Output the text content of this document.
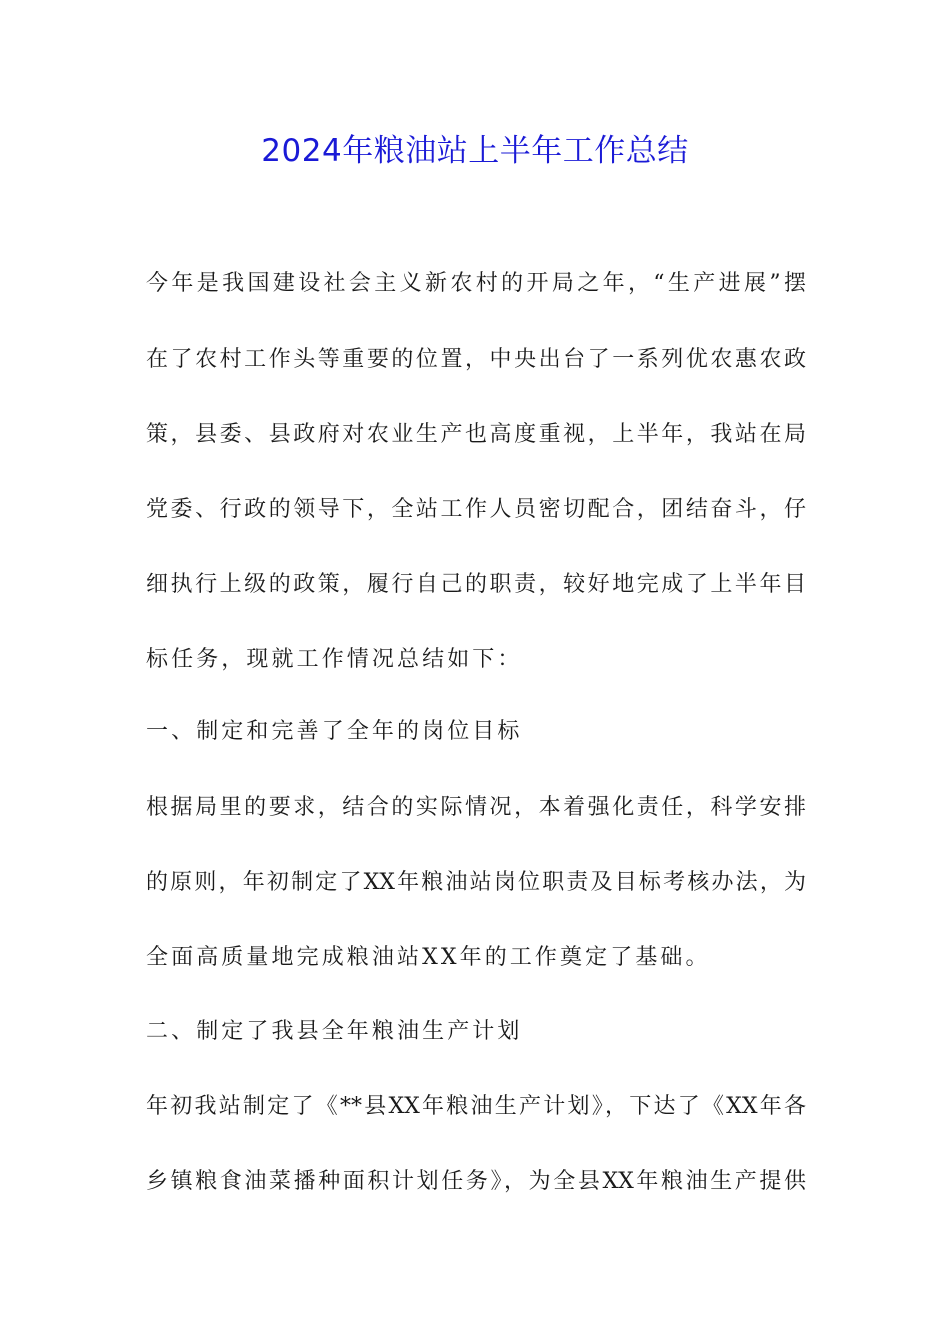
2024年粮油站上半年工作总结
今年是我国建设社会主义新农村的开局之年，“生产进展”摆
在了农村工作头等重要的位置，中央出台了一系列优农惠农政
策，县委、县政府对农业生产也高度重视，上半年，我站在局
党委、行政的领导下，全站工作人员密切配合，团结奋斗，仔
细执行上级的政策，履行自己的职责，较好地完成了上半年目
标任务，现就工作情况总结如下：
一、制定和完善了全年的岗位目标
根据局里的要求，结合的实际情况，本着强化责任，科学安排
的原则，年初制定了XX年粮油站岗位职责及目标考核办法，为
全面高质量地完成粮油站XX年的工作奠定了基础。
二、制定了我县全年粮油生产计划
年初我站制定了《**县XX年粮油生产计划》，下达了《XX年各
乡镇粮食油菜播种面积计划任务》，为全县XX年粮油生产提供
